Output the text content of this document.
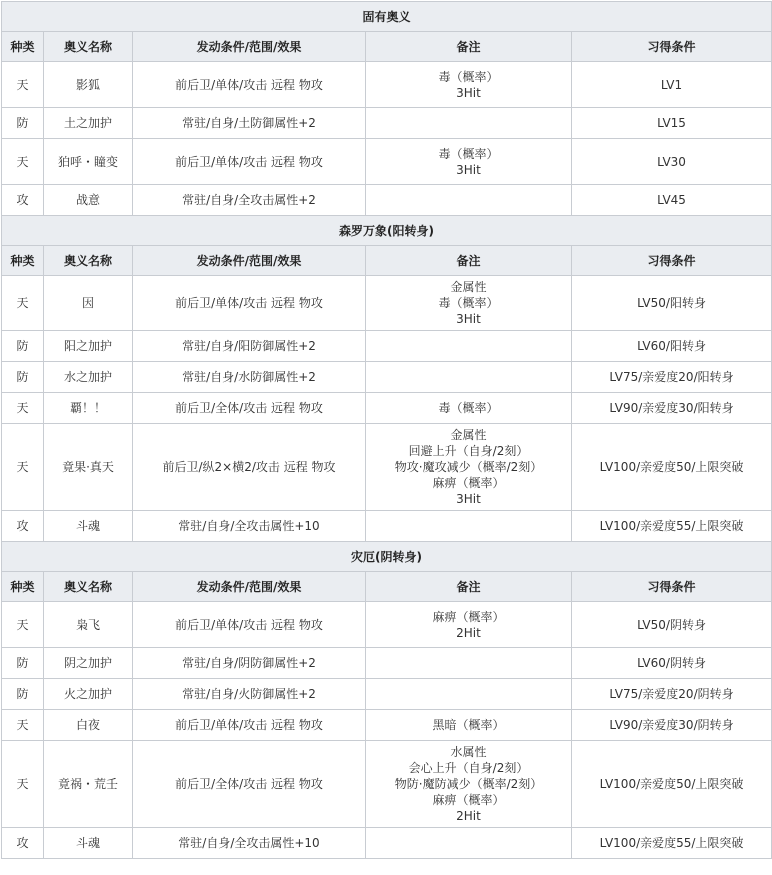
固有奥义				
种类	奥义名称	发动条件/范围/效果	备注	习得条件
天	影狐	前后卫/单体/攻击 远程 物攻	毒（概率）
3Hit	LV1
防	土之加护	常驻/自身/土防御属性+2		LV15
天	狛呼・瞳变	前后卫/单体/攻击 远程 物攻	毒（概率）
3Hit	LV30
攻	战意	常驻/自身/全攻击属性+2		LV45
森罗万象(阳转身)				
种类	奥义名称	发动条件/范围/效果	备注	习得条件
天	因	前后卫/单体/攻击 远程 物攻	金属性
毒（概率）
3Hit	LV50/阳转身
防	阳之加护	常驻/自身/阳防御属性+2		LV60/阳转身
防	水之加护	常驻/自身/水防御属性+2		LV75/亲爱度20/阳转身
天	覇！！	前后卫/全体/攻击 远程 物攻	毒（概率）	LV90/亲爱度30/阳转身
天	竟果·真天	前后卫/纵2×横2/攻击 远程 物攻	金属性
回避上升（自身/2刻）
物攻·魔攻减少（概率/2刻）
麻痹（概率）
3Hit	LV100/亲爱度50/上限突破
攻	斗魂	常驻/自身/全攻击属性+10		LV100/亲爱度55/上限突破
灾厄(阴转身)				
种类	奥义名称	发动条件/范围/效果	备注	习得条件
天	枭飞	前后卫/单体/攻击 远程 物攻	麻痹（概率）
2Hit	LV50/阴转身
防	阴之加护	常驻/自身/阴防御属性+2		LV60/阴转身
防	火之加护	常驻/自身/火防御属性+2		LV75/亲爱度20/阴转身
天	白夜	前后卫/单体/攻击 远程 物攻	黑暗（概率）	LV90/亲爱度30/阴转身
天	竟祸・荒壬	前后卫/全体/攻击 远程 物攻	水属性
会心上升（自身/2刻）
物防·魔防减少（概率/2刻）
麻痹（概率）
2Hit	LV100/亲爱度50/上限突破
攻	斗魂	常驻/自身/全攻击属性+10		LV100/亲爱度55/上限突破
